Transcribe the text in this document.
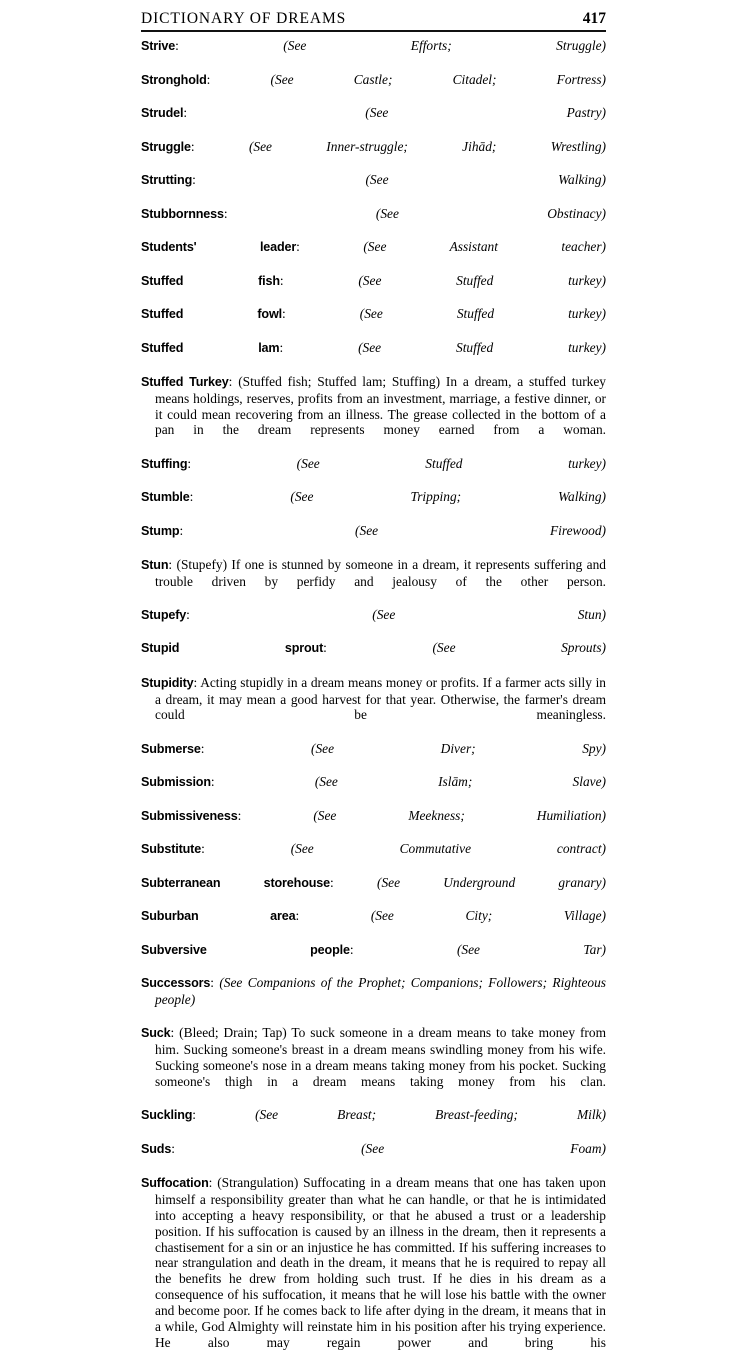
DICTIONARY OF DREAMS	417

Strive: (See Efforts; Struggle)

Stronghold: (See Castle; Citadel; Fortress)

Strudel: (See Pastry)

Struggle: (See Inner-struggle; Jihād; Wrestling)

Strutting: (See Walking)

Stubbornness: (See Obstinacy)

Students' leader: (See Assistant teacher)

Stuffed fish: (See Stuffed turkey)

Stuffed fowl: (See Stuffed turkey)

Stuffed lam: (See Stuffed turkey)

Stuffed Turkey: (Stuffed fish; Stuffed lam; Stuffing) In a dream, a stuffed turkey means holdings, reserves, profits from an investment, marriage, a festive dinner, or it could mean recovering from an illness. The grease collected in the bottom of a pan in the dream represents money earned from a woman.

Stuffing: (See Stuffed turkey)

Stumble: (See Tripping; Walking)

Stump: (See Firewood)

Stun: (Stupefy) If one is stunned by someone in a dream, it represents suffering and trouble driven by perfidy and jealousy of the other person.

Stupefy: (See Stun)

Stupid sprout: (See Sprouts)

Stupidity: Acting stupidly in a dream means money or profits. If a farmer acts silly in a dream, it may mean a good harvest for that year. Otherwise, the farmer's dream could be meaningless.

Submerse: (See Diver; Spy)

Submission: (See Islām; Slave)

Submissiveness: (See Meekness; Humiliation)

Substitute: (See Commutative contract)

Subterranean storehouse: (See Underground granary)

Suburban area: (See City; Village)

Subversive people: (See Tar)

Successors: (See Companions of the Prophet; Companions; Followers; Righteous people)

Suck: (Bleed; Drain; Tap) To suck someone in a dream means to take money from him. Sucking someone's breast in a dream means swindling money from his wife. Sucking someone's nose in a dream means taking money from his pocket. Sucking someone's thigh in a dream means taking money from his clan.

Suckling: (See Breast; Breast-feeding; Milk)

Suds: (See Foam)

Suffocation: (Strangulation) Suffocating in a dream means that one has taken upon himself a responsibility greater than what he can handle, or that he is intimidated into accepting a heavy responsibility, or that he abused a trust or a leadership position. If his suffocation is caused by an illness in the dream, then it represents a chastisement for a sin or an injustice he has committed. If his suffering increases to near strangulation and death in the dream, it means that he is required to repay all the benefits he drew from holding such trust. If he dies in his dream as a consequence of his suffocation, it means that he will lose his battle with the owner and become poor. If he comes back to life after dying in the dream, it means that in a while, God Almighty will reinstate him in his position after his trying experience. He also may regain power and bring his
